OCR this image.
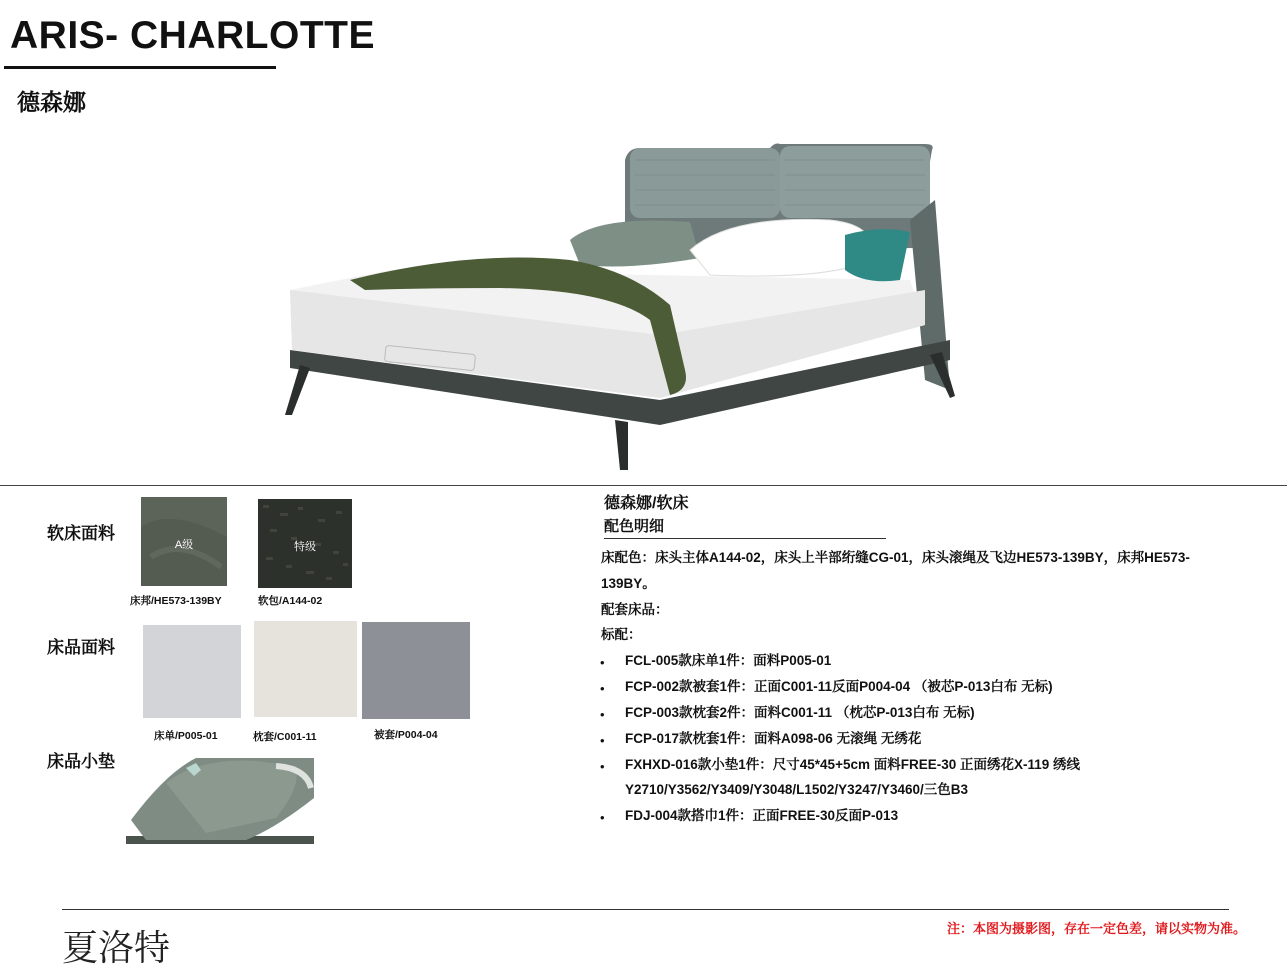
ARIS- CHARLOTTE
德森娜
软床面料
A级	特级
床邦/HE573-139BY	软包/A144-02
床品面料
床单/P005-01	枕套/C001-11	被套/P004-04
床品小垫
德森娜/软床
配色明细
床配色：床头主体A144-02，床头上半部绗缝CG-01，床头滚绳及飞边HE573-139BY，床邦HE573-
139BY。
配套床品：
标配：
• FCL-005款床单1件：面料P005-01
• FCP-002款被套1件：正面C001-11反面P004-04 （被芯P-013白布 无标)
• FCP-003款枕套2件：面料C001-11 （枕芯P-013白布 无标)
• FCP-017款枕套1件：面料A098-06 无滚绳 无绣花
• FXHXD-016款小垫1件：尺寸45*45+5cm 面料FREE-30 正面绣花X-119 绣线
Y2710/Y3562/Y3409/Y3048/L1502/Y3247/Y3460/三色B3
• FDJ-004款搭巾1件：正面FREE-30反面P-013
夏洛特	注：本图为摄影图，存在一定色差，请以实物为准。
